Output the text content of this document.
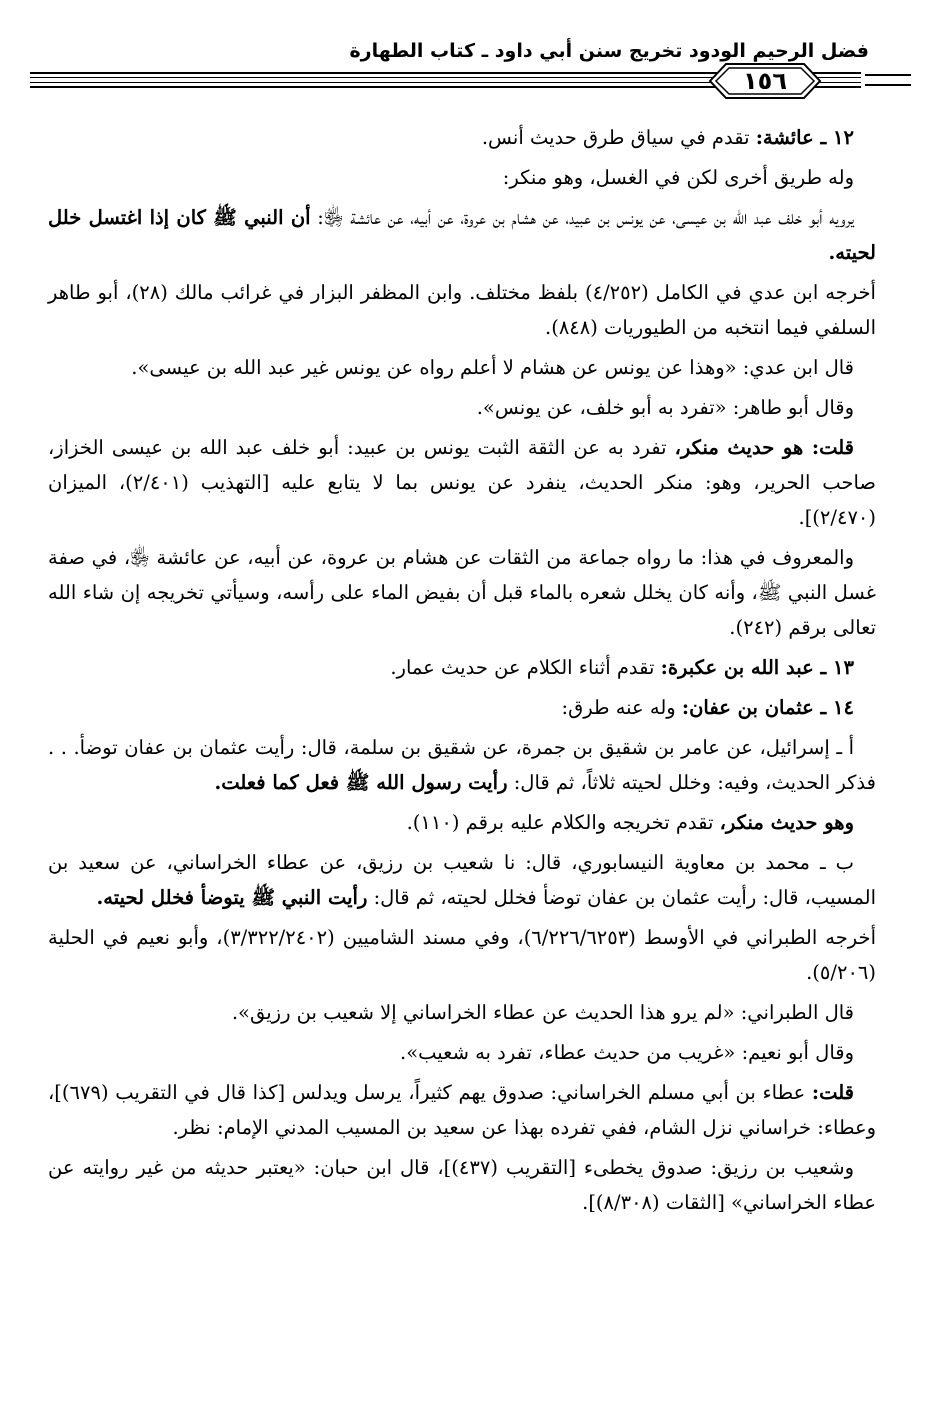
فضل الرحيم الودود تخريج سنن أبي داود ـ كتاب الطهارة
١٥٦

١٢ ـ عائشة: تقدم في سياق طرق حديث أنس.

وله طريق أخرى لكن في الغسل، وهو منكر:

يرويه أبو خلف عبد الله بن عيسى، عن يونس بن عبيد، عن هشام بن عروة، عن أبيه، عن عائشة ﵂: أن النبي ﷺ كان إذا اغتسل خلل لحيته.

أخرجه ابن عدي في الكامل (٤/٢٥٢) بلفظ مختلف. وابن المظفر البزار في غرائب مالك (٢٨)، أبو طاهر السلفي فيما انتخبه من الطيوريات (٨٤٨).

قال ابن عدي: «وهذا عن يونس عن هشام لا أعلم رواه عن يونس غير عبد الله بن عيسى».

وقال أبو طاهر: «تفرد به أبو خلف، عن يونس».

قلت: هو حديث منكر، تفرد به عن الثقة الثبت يونس بن عبيد: أبو خلف عبد الله بن عيسى الخزاز، صاحب الحرير، وهو: منكر الحديث، ينفرد عن يونس بما لا يتابع عليه [التهذيب (٢/٤٠١)، الميزان (٢/٤٧٠)].

والمعروف في هذا: ما رواه جماعة من الثقات عن هشام بن عروة، عن أبيه، عن عائشة ﵂، في صفة غسل النبي ﷺ، وأنه كان يخلل شعره بالماء قبل أن بفيض الماء على رأسه، وسيأتي تخريجه إن شاء الله تعالى برقم (٢٤٢).

١٣ ـ عبد الله بن عكبرة: تقدم أثناء الكلام عن حديث عمار.

١٤ ـ عثمان بن عفان: وله عنه طرق:

أ ـ إسرائيل، عن عامر بن شقيق بن جمرة، عن شقيق بن سلمة، قال: رأيت عثمان بن عفان توضأ. . . فذكر الحديث، وفيه: وخلل لحيته ثلاثاً، ثم قال: رأيت رسول الله ﷺ فعل كما فعلت.

وهو حديث منكر، تقدم تخريجه والكلام عليه برقم (١١٠).

ب ـ محمد بن معاوية النيسابوري، قال: نا شعيب بن رزيق، عن عطاء الخراساني، عن سعيد بن المسيب، قال: رأيت عثمان بن عفان توضأ فخلل لحيته، ثم قال: رأيت النبي ﷺ يتوضأ فخلل لحيته.

أخرجه الطبراني في الأوسط (٦/٢٢٦/٦٢٥٣)، وفي مسند الشاميين (٣/٣٢٢/٢٤٠٢)، وأبو نعيم في الحلية (٥/٢٠٦).

قال الطبراني: «لم يرو هذا الحديث عن عطاء الخراساني إلا شعيب بن رزيق».

وقال أبو نعيم: «غريب من حديث عطاء، تفرد به شعيب».

قلت: عطاء بن أبي مسلم الخراساني: صدوق يهم كثيراً، يرسل ويدلس [كذا قال في التقريب (٦٧٩)]، وعطاء: خراساني نزل الشام، ففي تفرده بهذا عن سعيد بن المسيب المدني الإمام: نظر.

وشعيب بن رزيق: صدوق يخطىء [التقريب (٤٣٧)]، قال ابن حبان: «يعتبر حديثه من غير روايته عن عطاء الخراساني» [الثقات (٨/٣٠٨)].
